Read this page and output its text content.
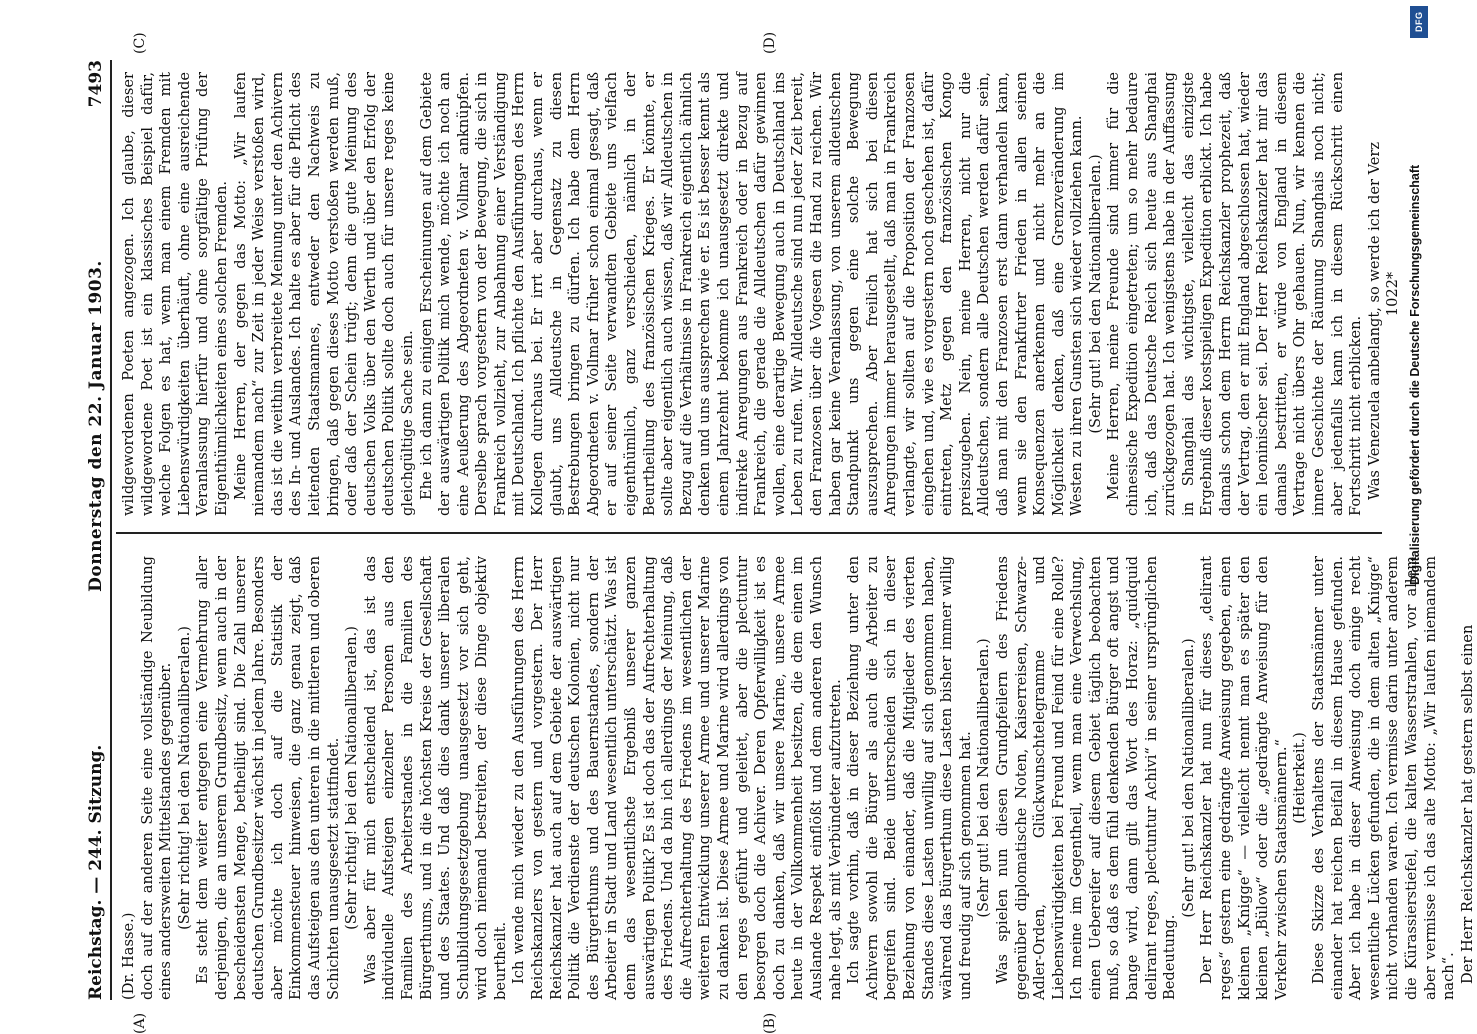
Reichstag. — 244. Sitzung.
Donnerstag den 22. Januar 1903.
7493
(A)	(B)
(C)	(D)

(Dr. Hasse.) doch auf der anderen Seite eine vollständige Neubildung eines andersweiten Mittelstandes gegenüber. (Sehr richtig! bei den Nationalliberalen.) Es steht dem weiter entgegen eine Vermehrung aller derjenigen, die an unserem Grundbesitz, wenn auch in der bescheidensten Menge, betheiligt sind. Die Zahl unserer deutschen Grundbesitzer wächst in jedem Jahre. Besonders aber möchte ich doch auf die Statistik der Einkommensteuer hinweisen, die ganz genau zeigt, daß das Aufsteigen aus den unteren in die mittleren und oberen Schichten unausgesetzt stattfindet. (Sehr richtig! bei den Nationalliberalen.) Was aber für mich entscheidend ist, das ist das individuelle Aufsteigen einzelner Personen aus den Familien des Arbeiterstandes in die Familien des Bürgerthums, und in die höchsten Kreise der Gesellschaft und des Staates. Und daß dies dank unserer liberalen Schulbildungsgesetzgebung unausgesetzt vor sich geht, wird doch niemand bestreiten, der diese Dinge objektiv beurtheilt. Ich wende mich wieder zu den Ausführungen des Herrn Reichskanzlers von gestern und vorgestern. Der Herr Reichskanzler hat auch auf dem Gebiete der auswärtigen Politik die Verdienste der deutschen Kolonien, nicht nur des Bürgerthums und des Bauernstandes, sondern der Arbeiter in Stadt und Land wesentlich unterschätzt. Was ist denn das wesentlichste Ergebniß unserer ganzen auswärtigen Politik? Es ist doch das der Aufrechterhaltung des Friedens. Und da bin ich allerdings der Meinung, daß die Aufrechterhaltung des Friedens im wesentlichen der weiteren Entwicklung unserer Armee und unserer Marine zu danken ist. Diese Armee und Marine wird allerdings von den reges geführt und geleitet, aber die plectuntur besorgen doch die Achiver. Deren Opferwilligkeit ist es doch zu danken, daß wir unsere Marine, unsere Armee heute in der Vollkommenheit besitzen, die dem einen im Auslande Respekt einflößt und dem anderen den Wunsch nahe legt, als mit Verbündeter aufzutreten. Ich sagte vorhin, daß in dieser Beziehung unter den Achivern sowohl die Bürger als auch die Arbeiter zu begreifen sind. Beide unterscheiden sich in dieser Beziehung von einander, daß die Mitglieder des vierten Standes diese Lasten unwillig auf sich genommen haben, während das Bürgerthum diese Lasten bisher immer willig und freudig auf sich genommen hat. (Sehr gut! bei den Nationalliberalen.) Was spielen nun diesen Grundpfeilern des Friedens gegenüber diplomatische Noten, Kaiserreisen, Schwarze-Adler-Orden, Glückwunschtelegramme und Liebenswürdigkeiten bei Freund und Feind für eine Rolle? Ich meine im Gegentheil, wenn man eine Verwechslung, einen Uebereifer auf diesem Gebiet täglich beobachten muß, so daß es dem fühl denkenden Bürger oft angst und bange wird, dann gilt das Wort des Horaz: „quidquid delirant reges, plectuntur Achivi“ in seiner ursprünglichen Bedeutung.

(Sehr gut! bei den Nationalliberalen.) Der Herr Reichskanzler hat nun für dieses „delirant reges“ gestern eine gedrängte Anweisung gegeben, einen kleinen „Knigge“ — vielleicht nennt man es später den kleinen „Bülow“ oder die „gedrängte Anweisung für den Verkehr zwischen Staatsmännern.“ (Heiterkeit.) Diese Skizze des Verhaltens der Staatsmänner unter einander hat reichen Beifall in diesem Hause gefunden. Aber ich habe in dieser Anweisung doch einige recht wesentliche Lücken gefunden, die in dem alten „Knigge“ nicht vorhanden waren. Ich vermisse darin unter anderem die Kürassierstiefel, die kalten Wasserstrahlen, vor allem aber vermisse ich das alte Motto: „Wir laufen niemandem nach“. Der Herr Reichskanzler hat gestern selbst einen

wildgewordenen Poeten angezogen. Ich glaube, dieser wildgewordene Poet ist ein klassisches Beispiel dafür, welche Folgen es hat, wenn man einem Fremden mit Liebenswürdigkeiten überhäuft, ohne eine ausreichende Veranlassung hierfür und ohne sorgfältige Prüfung der Eigenthümlichkeiten eines solchen Fremden. Meine Herren, der gegen das Motto: „Wir laufen niemandem nach“ zur Zeit in jeder Weise verstoßen wird, das ist die weithin verbreitete Meinung unter den Achivern des In- und Auslandes. Ich halte es aber für die Pflicht des leitenden Staatsmannes, entweder den Nachweis zu bringen, daß gegen dieses Motto verstoßen werden muß, oder daß der Schein trügt; denn die gute Meinung des deutschen Volks über den Werth und über den Erfolg der deutschen Politik sollte doch auch für unsere reges keine gleichgültige Sache sein. Ehe ich dann zu einigen Erscheinungen auf dem Gebiete der auswärtigen Politik mich wende, möchte ich noch an eine Aeußerung des Abgeordneten v. Vollmar anknüpfen. Derselbe sprach vorgestern von der Bewegung, die sich in Frankreich vollzieht, zur Anbahnung einer Verständigung mit Deutschland. Ich pflichte den Ausführungen des Herrn Kollegen durchaus bei. Er irrt aber durchaus, wenn er glaubt, uns Alldeutsche in Gegensatz zu diesen Bestrebungen bringen zu dürfen. Ich habe dem Herrn Abgeordneten v. Vollmar früher schon einmal gesagt, daß er auf seiner Seite verwandten Gebiete uns vielfach eigenthümlich, ganz verschieden, nämlich in der Beurtheilung des französischen Krieges. Er könnte, er sollte aber eigentlich auch wissen, daß wir Alldeutschen in Bezug auf die Verhältnisse in Frankreich eigentlich ähnlich denken und uns aussprechen wie er. Es ist besser kennt als einem Jahrzehnt bekomme ich unausgesetzt direkte und indirekte Anregungen aus Frankreich oder in Bezug auf Frankreich, die gerade die Alldeutschen dafür gewinnen wollen, eine derartige Bewegung auch in Deutschland ins Leben zu rufen. Wir Alldeutsche sind nun jeder Zeit bereit, den Franzosen über die Vogesen die Hand zu reichen. Wir haben gar keine Veranlassung, von unserem alldeutschen Standpunkt uns gegen eine solche Bewegung auszusprechen. Aber freilich hat sich bei diesen Anregungen immer herausgestellt, daß man in Frankreich verlangte, wir sollten auf die Proposition der Franzosen eingehen und, wie es vorgestern noch geschehen ist, dafür eintreten, Metz gegen den französischen Kongo preiszugeben. Nein, meine Herren, nicht nur die Alldeutschen, sondern alle Deutschen werden dafür sein, daß man mit den Franzosen erst dann verhandeln kann, wenn sie den Frankfurter Frieden in allen seinen Konsequenzen anerkennen und nicht mehr an die Möglichkeit denken, daß eine Grenzveränderung im Westen zu ihren Gunsten sich wieder vollziehen kann. (Sehr gut! bei den Nationalliberalen.) Meine Herren, meine Freunde sind immer für die chinesische Expedition eingetreten; um so mehr bedaure ich, daß das Deutsche Reich sich heute aus Shanghai zurückgezogen hat. Ich wenigstens habe in der Auffassung in Shanghai das wichtigste, vielleicht das einzigste Ergebniß dieser kostspieligen Expedition erblickt. Ich habe damals schon dem Herrn Reichskanzler prophezeit, daß der Vertrag, den er mit England abgeschlossen hat, wieder ein leoninischer sei. Der Herr Reichskanzler hat mir das damals bestritten, er würde von England in diesem Vertrage nicht übers Ohr gehauen. Nun, wir kennen die innere Geschichte der Räumung Shanghais noch nicht; aber jedenfalls kann ich in diesem Rückschritt einen Fortschritt nicht erblicken. Was Venezuela anbelangt, so werde ich der Verz 1022*

DFG
Digitalisierung gefördert durch die Deutsche Forschungsgemeinschaft
